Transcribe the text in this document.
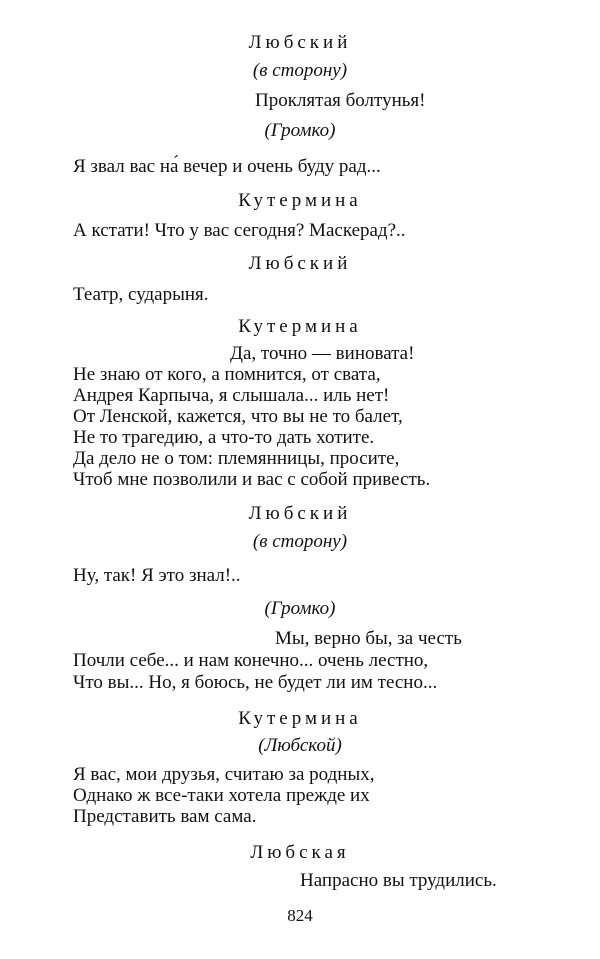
Любский
(в сторону)
Проклятая болтунья!
(Громко)
Я звал вас на́ вечер и очень буду рад...
Кутермина
А кстати! Что у вас сегодня? Маскерад?..
Любский
Театр, сударыня.
Кутермина
Да, точно — виновата!
Не знаю от кого, а помнится, от свата,
Андрея Карпыча, я слышала... иль нет!
От Ленской, кажется, что вы не то балет,
Не то трагедию, а что-то дать хотите.
Да дело не о том: племянницы, просите,
Чтоб мне позволили и вас с собой привесть.
Любский
(в сторону)
Ну, так! Я это знал!..
(Громко)
Мы, верно бы, за честь
Почли себе... и нам конечно... очень лестно,
Что вы... Но, я боюсь, не будет ли им тесно...
Кутермина
(Любской)
Я вас, мои друзья, считаю за родных,
Однако ж все-таки хотела прежде их
Представить вам сама.
Любская
Напрасно вы трудились.
824
